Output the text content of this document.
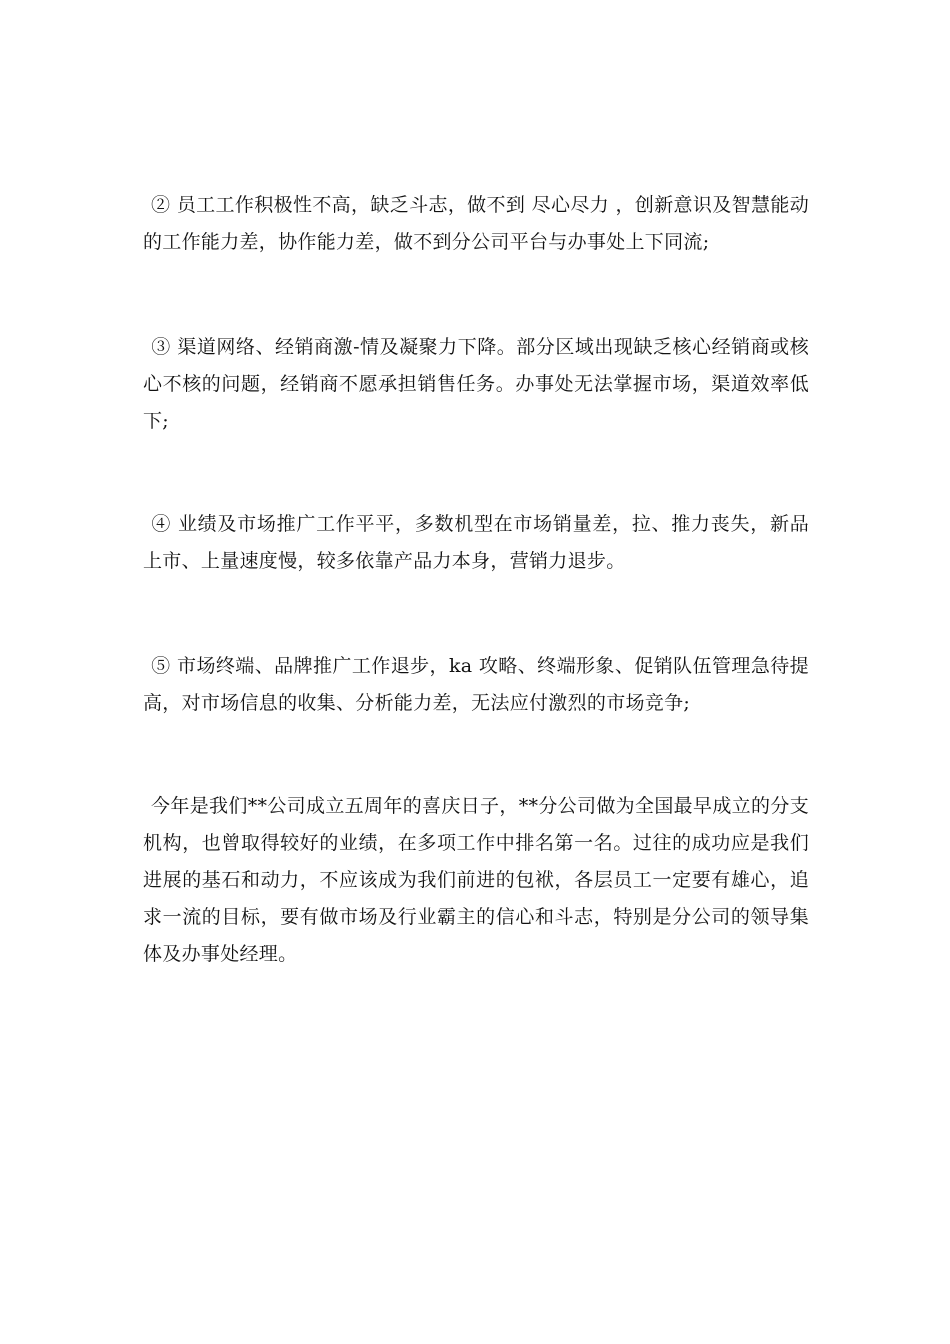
② 员工工作积极性不高，缺乏斗志，做不到 尽心尽力 ，创新意识及智慧能动的工作能力差，协作能力差，做不到分公司平台与办事处上下同流;

③ 渠道网络、经销商激-情及凝聚力下降。部分区域出现缺乏核心经销商或核心不核的问题，经销商不愿承担销售任务。办事处无法掌握市场，渠道效率低下;

④ 业绩及市场推广工作平平，多数机型在市场销量差，拉、推力丧失，新品上市、上量速度慢，较多依靠产品力本身，营销力退步。

⑤ 市场终端、品牌推广工作退步，ka 攻略、终端形象、促销队伍管理急待提高，对市场信息的收集、分析能力差，无法应付激烈的市场竞争;

今年是我们**公司成立五周年的喜庆日子，**分公司做为全国最早成立的分支机构，也曾取得较好的业绩，在多项工作中排名第一名。过往的成功应是我们进展的基石和动力，不应该成为我们前进的包袱，各层员工一定要有雄心，追求一流的目标，要有做市场及行业霸主的信心和斗志，特别是分公司的领导集体及办事处经理。
